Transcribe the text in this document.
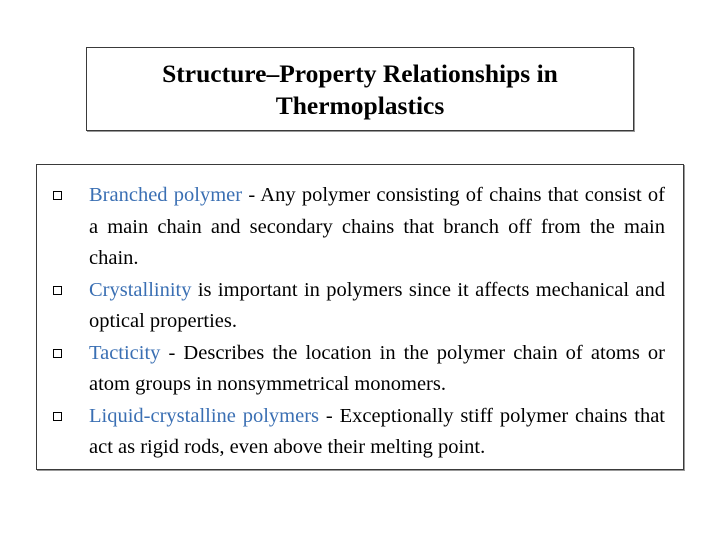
Structure–Property Relationships in Thermoplastics
Branched polymer - Any polymer consisting of chains that consist of a main chain and secondary chains that branch off from the main chain.
Crystallinity is important in polymers since it affects mechanical and optical properties.
Tacticity - Describes the location in the polymer chain of atoms or atom groups in nonsymmetrical monomers.
Liquid-crystalline polymers - Exceptionally stiff polymer chains that act as rigid rods, even above their melting point.
